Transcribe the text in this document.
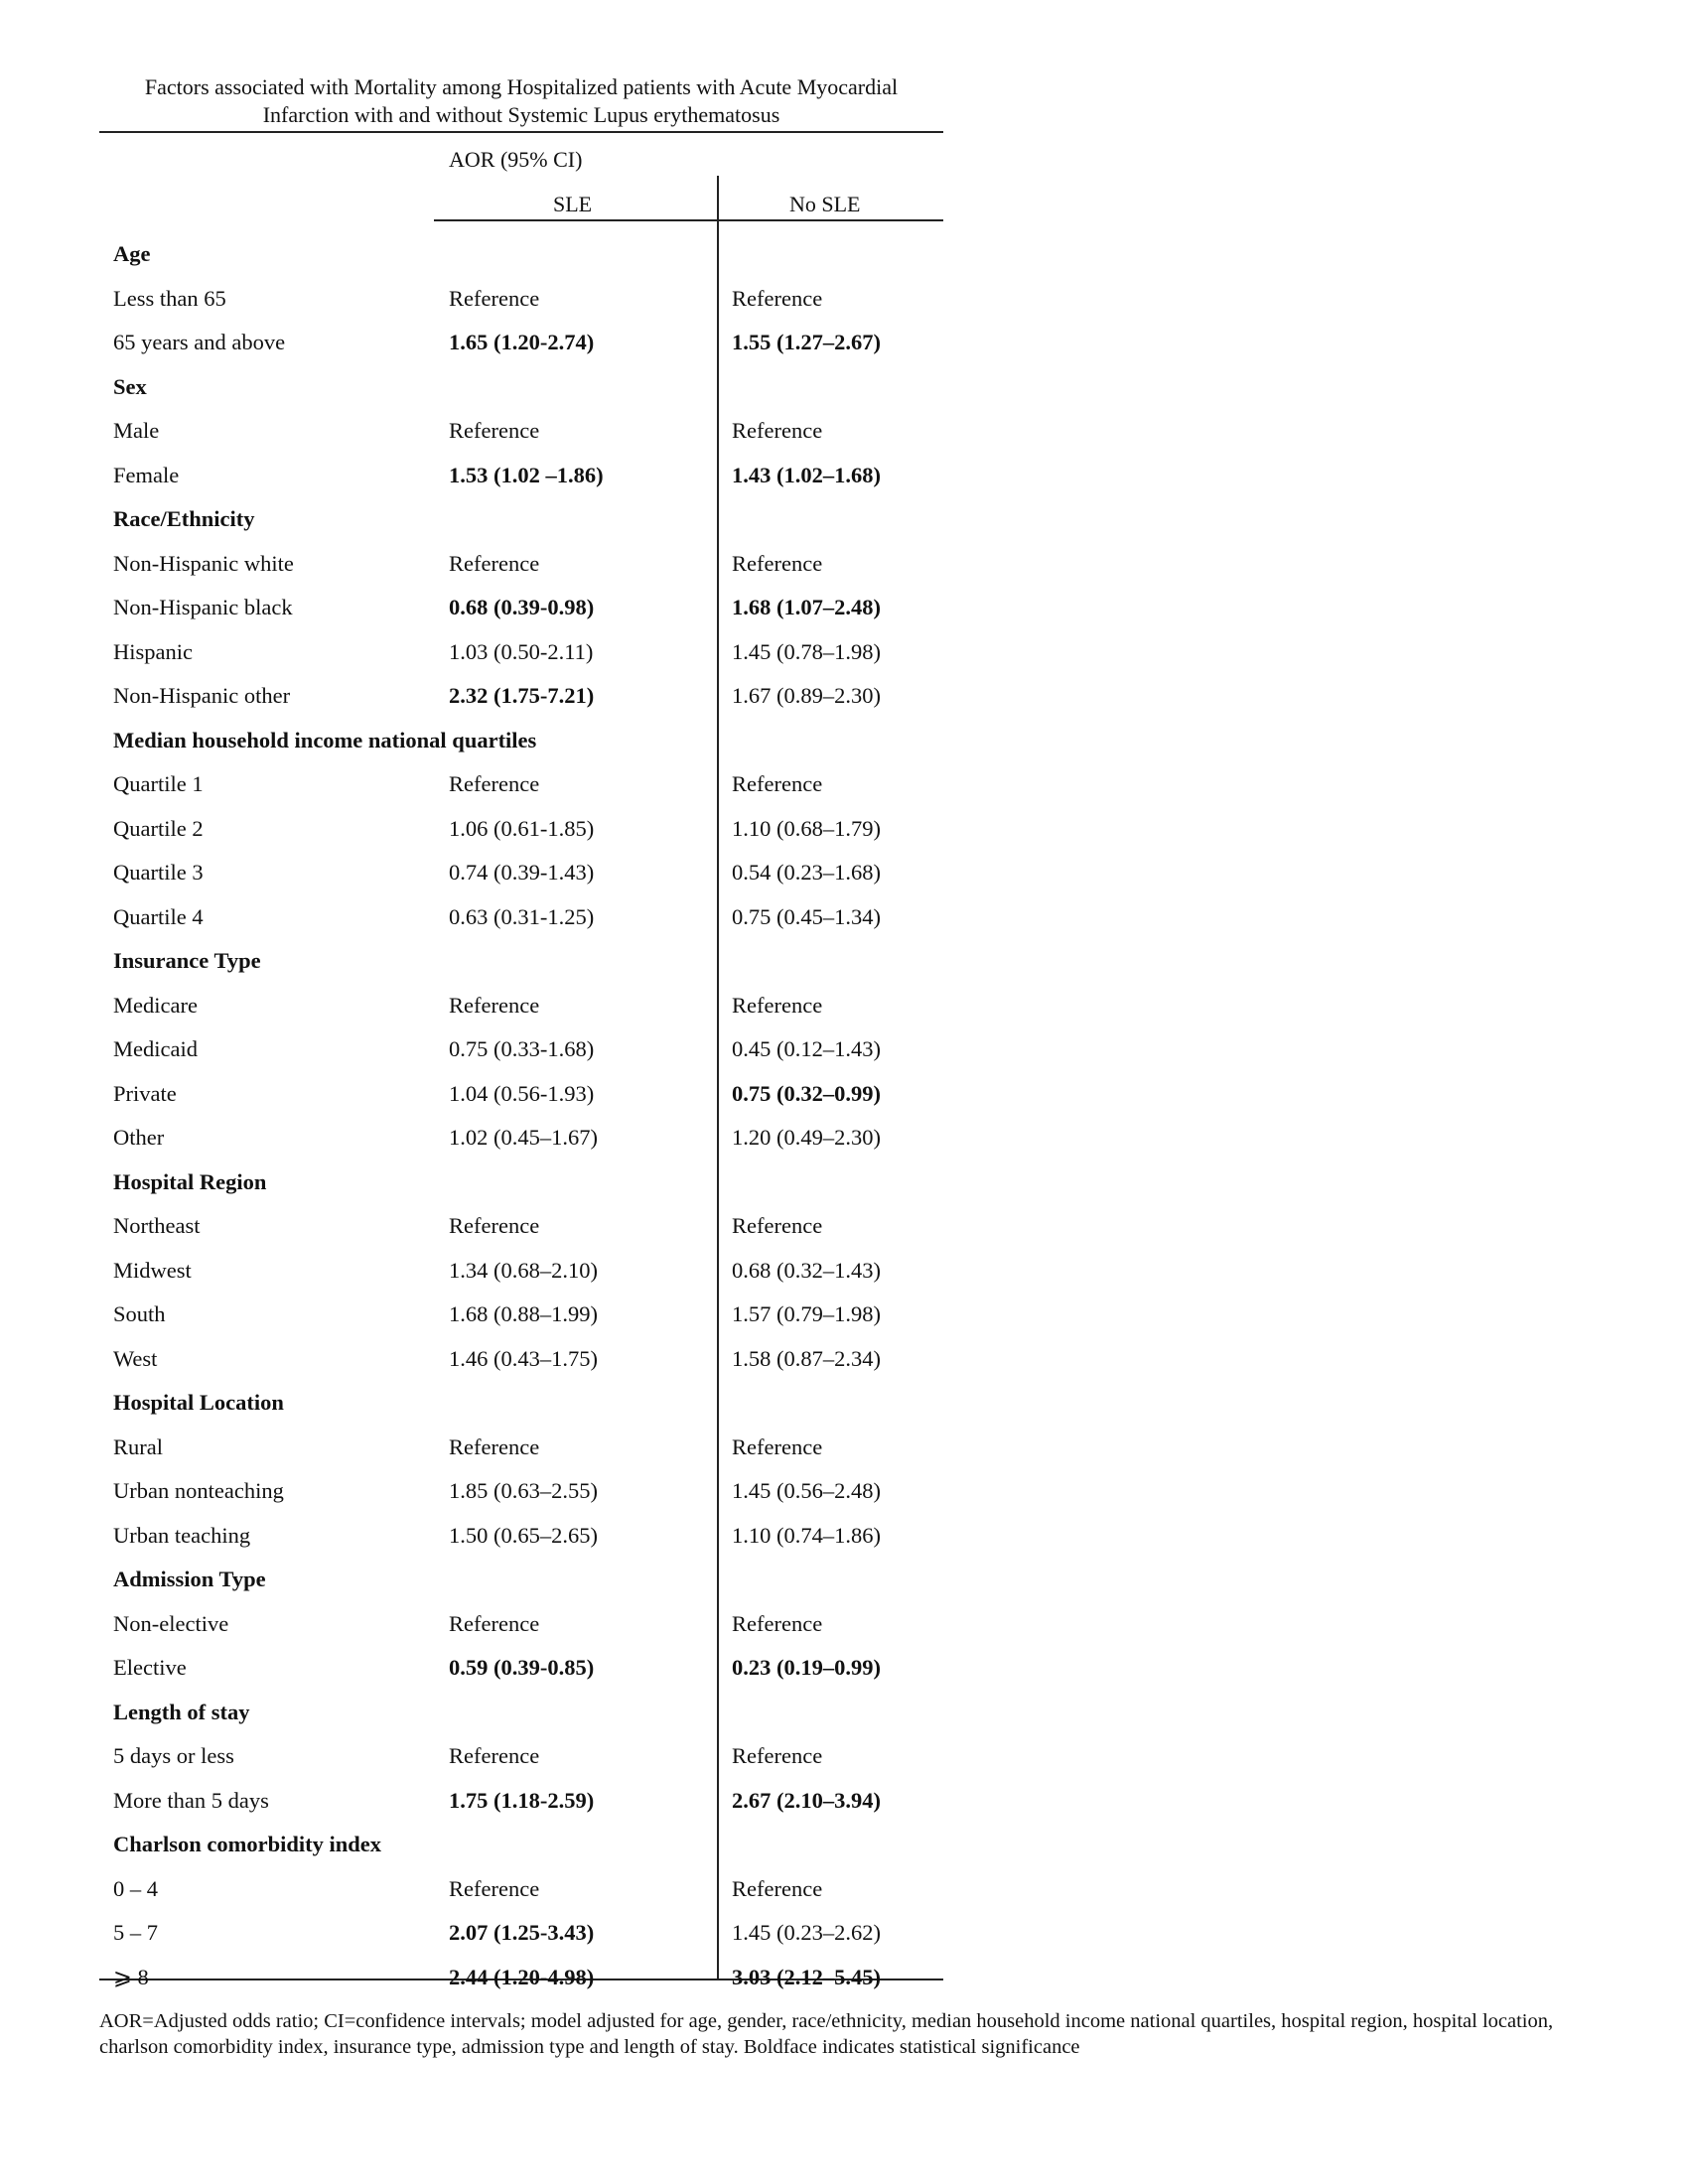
Factors associated with Mortality among Hospitalized patients with Acute Myocardial Infarction with and without Systemic Lupus erythematosus
AOR (95% CI)
SLE	No SLE
Age
Less than 65	Reference	Reference
65 years and above	1.65 (1.20-2.74)	1.55 (1.27–2.67)
Sex
Male	Reference	Reference
Female	1.53 (1.02 –1.86)	1.43 (1.02–1.68)
Race/Ethnicity
Non-Hispanic white	Reference	Reference
Non-Hispanic black	0.68 (0.39-0.98)	1.68 (1.07–2.48)
Hispanic	1.03 (0.50-2.11)	1.45 (0.78–1.98)
Non-Hispanic other	2.32 (1.75-7.21)	1.67 (0.89–2.30)
Median household income national quartiles
Quartile 1	Reference	Reference
Quartile 2	1.06 (0.61-1.85)	1.10 (0.68–1.79)
Quartile 3	0.74 (0.39-1.43)	0.54 (0.23–1.68)
Quartile 4	0.63 (0.31-1.25)	0.75 (0.45–1.34)
Insurance Type
Medicare	Reference	Reference
Medicaid	0.75 (0.33-1.68)	0.45 (0.12–1.43)
Private	1.04 (0.56-1.93)	0.75 (0.32–0.99)
Other	1.02 (0.45–1.67)	1.20 (0.49–2.30)
Hospital Region
Northeast	Reference	Reference
Midwest	1.34 (0.68–2.10)	0.68 (0.32–1.43)
South	1.68 (0.88–1.99)	1.57 (0.79–1.98)
West	1.46 (0.43–1.75)	1.58 (0.87–2.34)
Hospital Location
Rural	Reference	Reference
Urban nonteaching	1.85 (0.63–2.55)	1.45 (0.56–2.48)
Urban teaching	1.50 (0.65–2.65)	1.10 (0.74–1.86)
Admission Type
Non-elective	Reference	Reference
Elective	0.59 (0.39-0.85)	0.23 (0.19–0.99)
Length of stay
5 days or less	Reference	Reference
More than 5 days	1.75 (1.18-2.59)	2.67 (2.10–3.94)
Charlson comorbidity index
0 – 4	Reference	Reference
5 – 7	2.07 (1.25-3.43)	1.45 (0.23–2.62)
⩾ 8	2.44 (1.20-4.98)	3.03 (2.12–5.45)
AOR=Adjusted odds ratio; CI=confidence intervals; model adjusted for age, gender, race/ethnicity, median household income national quartiles, hospital region, hospital location, charlson comorbidity index, insurance type, admission type and length of stay. Boldface indicates statistical significance
